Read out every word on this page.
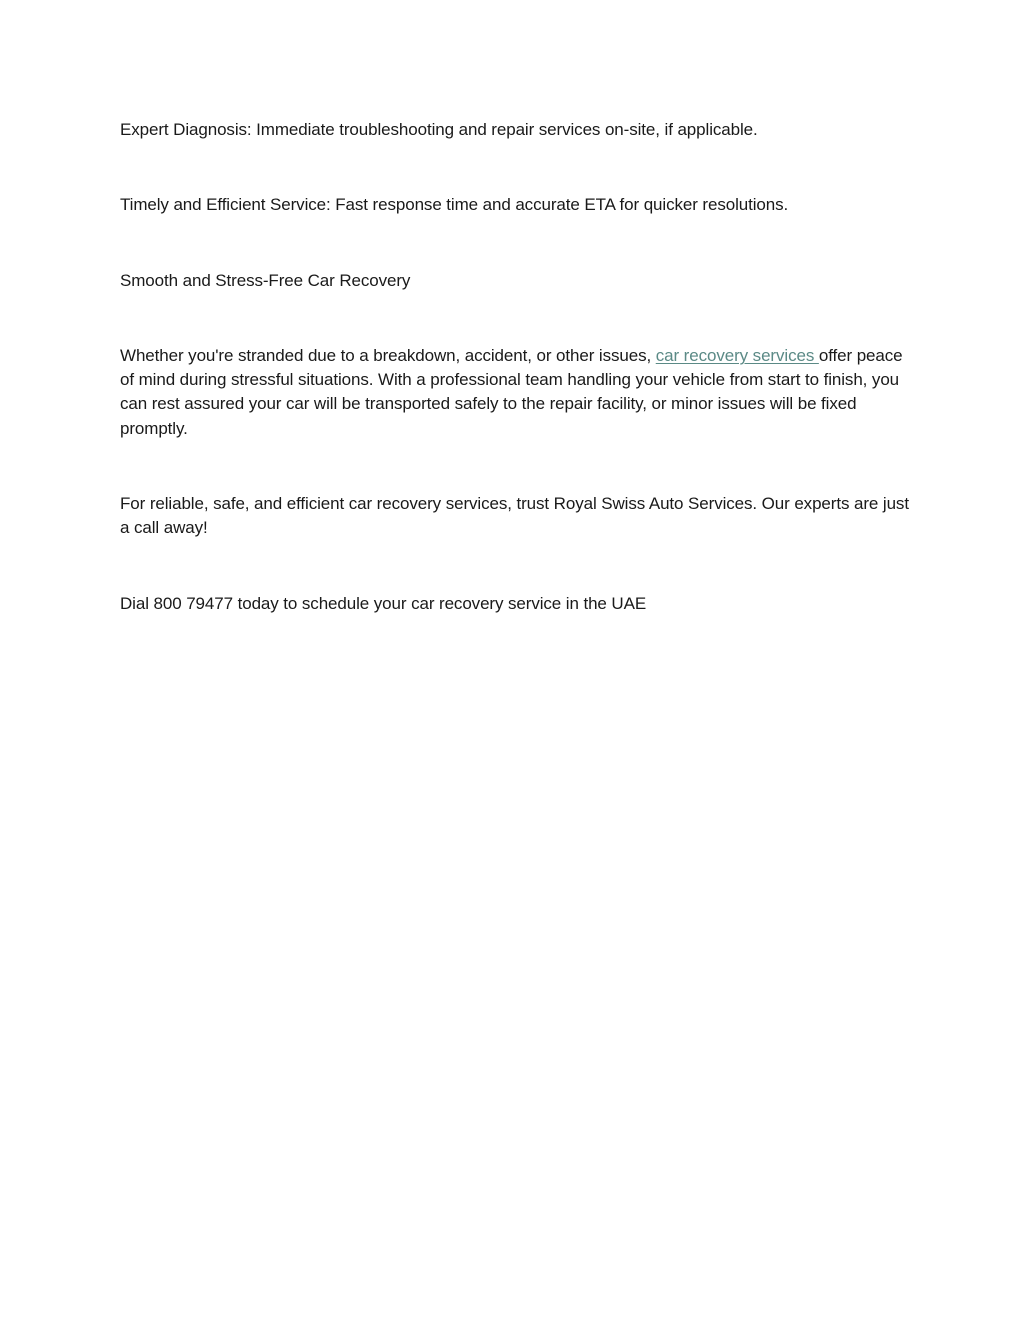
Expert Diagnosis: Immediate troubleshooting and repair services on-site, if applicable.

Timely and Efficient Service: Fast response time and accurate ETA for quicker resolutions.

Smooth and Stress-Free Car Recovery

Whether you're stranded due to a breakdown, accident, or other issues, car recovery services offer peace of mind during stressful situations. With a professional team handling your vehicle from start to finish, you can rest assured your car will be transported safely to the repair facility, or minor issues will be fixed promptly.

For reliable, safe, and efficient car recovery services, trust Royal Swiss Auto Services. Our experts are just a call away!

Dial 800 79477 today to schedule your car recovery service in the UAE
